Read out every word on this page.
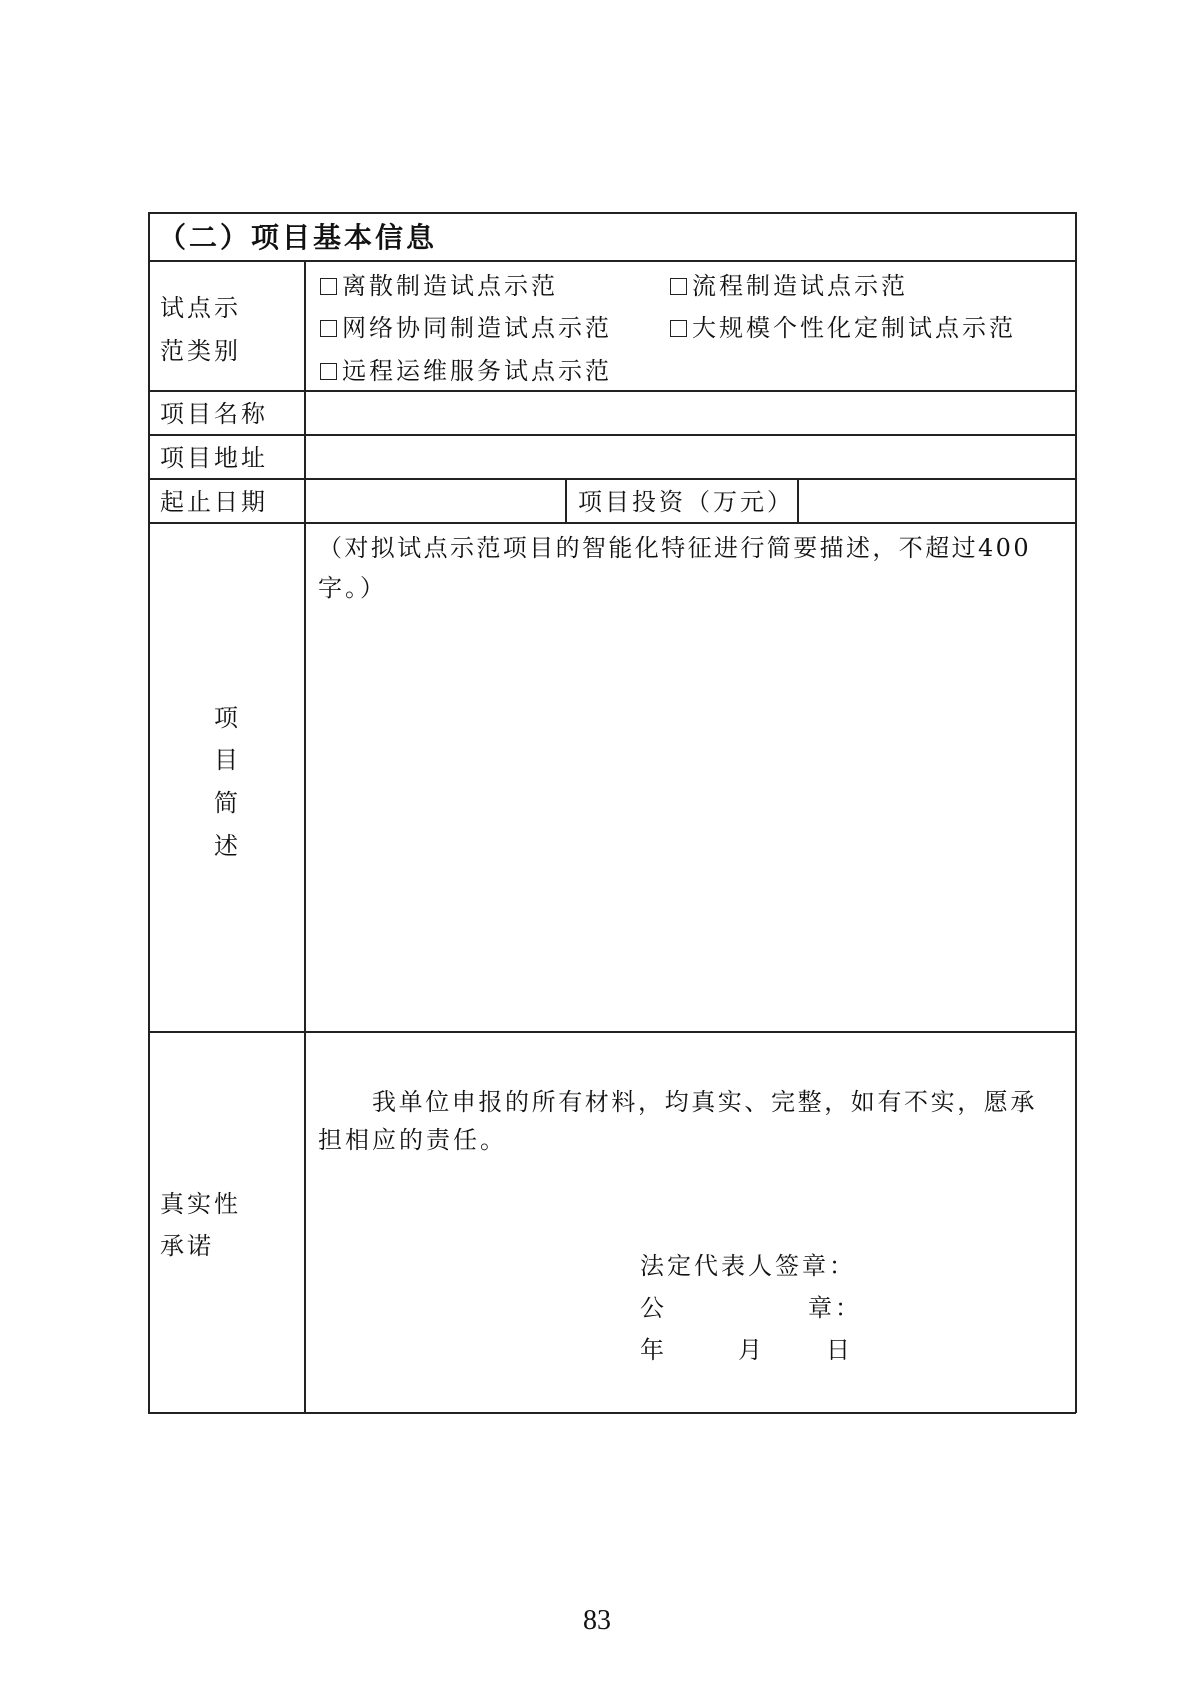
（二）项目基本信息
试点示
范类别
离散制造试点示范	流程制造试点示范
网络协同制造试点示范	大规模个性化定制试点示范
远程运维服务试点示范
项目名称
项目地址
起止日期	项目投资（万元）
项
目
简
述
（对拟试点示范项目的智能化特征进行简要描述，不超过400
字。）
真实性
承诺
我单位申报的所有材料，均真实、完整，如有不实，愿承
担相应的责任。
法定代表人签章：
公	章：
年	月	日
83
